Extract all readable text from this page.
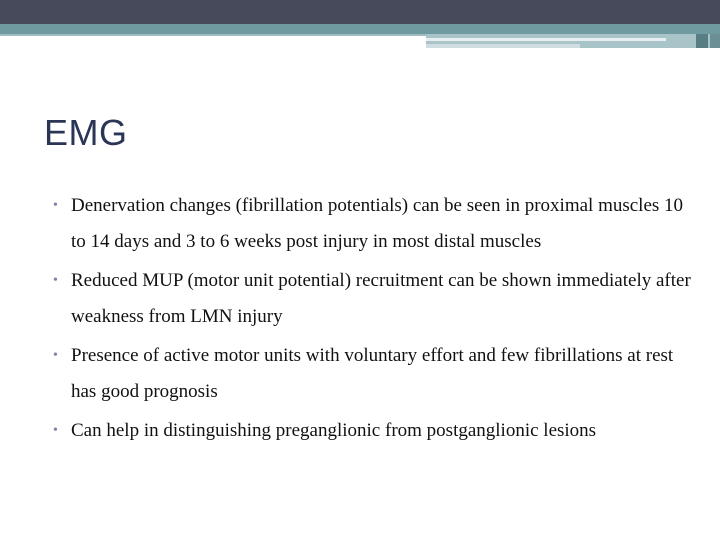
EMG
• Denervation changes (fibrillation potentials) can be seen in proximal muscles 10 to 14 days and 3 to 6 weeks post injury in most distal muscles
• Reduced MUP (motor unit potential) recruitment can be shown immediately after weakness from LMN injury
• Presence of active motor units with voluntary effort and few fibrillations at rest has good prognosis
• Can help in distinguishing preganglionic from postganglionic lesions
